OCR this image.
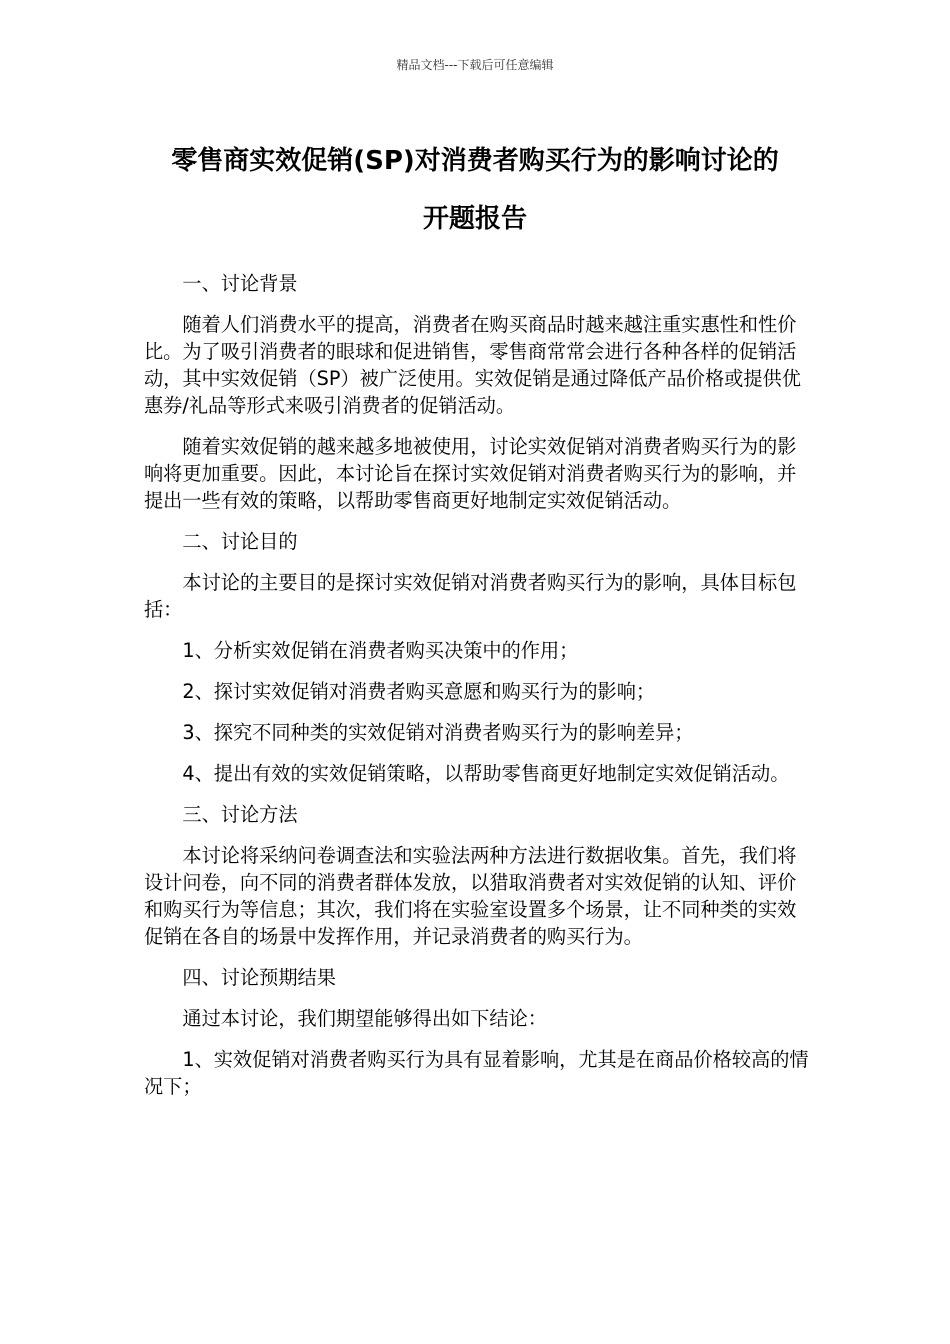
精品文档---下载后可任意编辑
零售商实效促销(SP)对消费者购买行为的影响讨论的
开题报告
一、讨论背景
随着人们消费水平的提高，消费者在购买商品时越来越注重实惠性和性价比。为了吸引消费者的眼球和促进销售，零售商常常会进行各种各样的促销活动，其中实效促销（SP）被广泛使用。实效促销是通过降低产品价格或提供优惠券/礼品等形式来吸引消费者的促销活动。
随着实效促销的越来越多地被使用，讨论实效促销对消费者购买行为的影响将更加重要。因此，本讨论旨在探讨实效促销对消费者购买行为的影响，并提出一些有效的策略，以帮助零售商更好地制定实效促销活动。
二、讨论目的
本讨论的主要目的是探讨实效促销对消费者购买行为的影响，具体目标包括：
1、分析实效促销在消费者购买决策中的作用；
2、探讨实效促销对消费者购买意愿和购买行为的影响；
3、探究不同种类的实效促销对消费者购买行为的影响差异；
4、提出有效的实效促销策略，以帮助零售商更好地制定实效促销活动。
三、讨论方法
本讨论将采纳问卷调查法和实验法两种方法进行数据收集。首先，我们将设计问卷，向不同的消费者群体发放，以猎取消费者对实效促销的认知、评价和购买行为等信息；其次，我们将在实验室设置多个场景，让不同种类的实效促销在各自的场景中发挥作用，并记录消费者的购买行为。
四、讨论预期结果
通过本讨论，我们期望能够得出如下结论：
1、实效促销对消费者购买行为具有显着影响，尤其是在商品价格较高的情况下；
